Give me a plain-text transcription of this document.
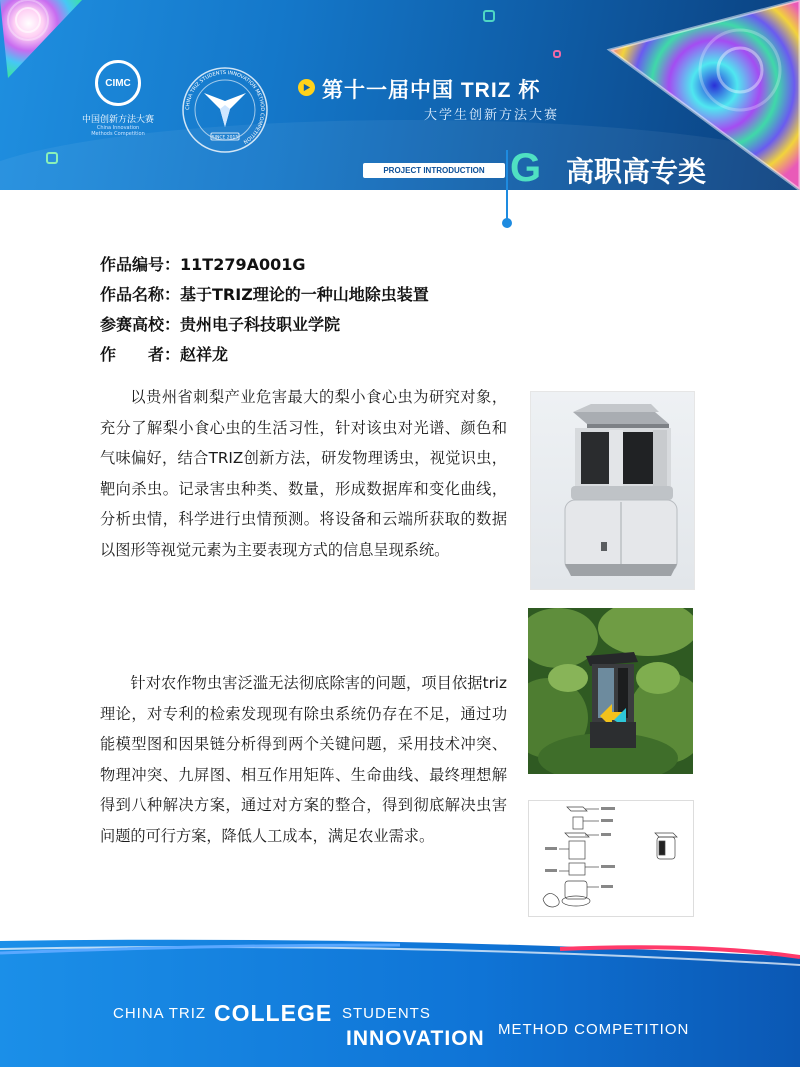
CIMC
中国创新方法大赛
China Innovation
Methods Competition
CHINA TRIZ STUDENTS INNOVATION METHOD COMPETITION
SINCE 2015
第十一届中国 TRIZ 杯
大学生创新方法大赛
PROJECT INTRODUCTION G 高职高专类
作品编号：11T279A001G
作品名称：基于TRIZ理论的一种山地除虫装置
参赛高校：贵州电子科技职业学院
作　　者：赵祥龙

以贵州省刺梨产业危害最大的梨小食心虫为研究对象，充分了解梨小食心虫的生活习性，针对该虫对光谱、颜色和气味偏好，结合TRIZ创新方法，研发物理诱虫，视觉识虫，靶向杀虫。记录害虫种类、数量，形成数据库和变化曲线，分析虫情，科学进行虫情预测。将设备和云端所获取的数据以图形等视觉元素为主要表现方式的信息呈现系统。

针对农作物虫害泛滥无法彻底除害的问题，项目依据triz理论，对专利的检索发现现有除虫系统仍存在不足，通过功能模型图和因果链分析得到两个关键问题，采用技术冲突、物理冲突、九屏图、相互作用矩阵、生命曲线、最终理想解得到八种解决方案，通过对方案的整合，得到彻底解决虫害问题的可行方案，降低人工成本，满足农业需求。

CHINA TRIZ COLLEGE STUDENTS
INNOVATION METHOD COMPETITION
